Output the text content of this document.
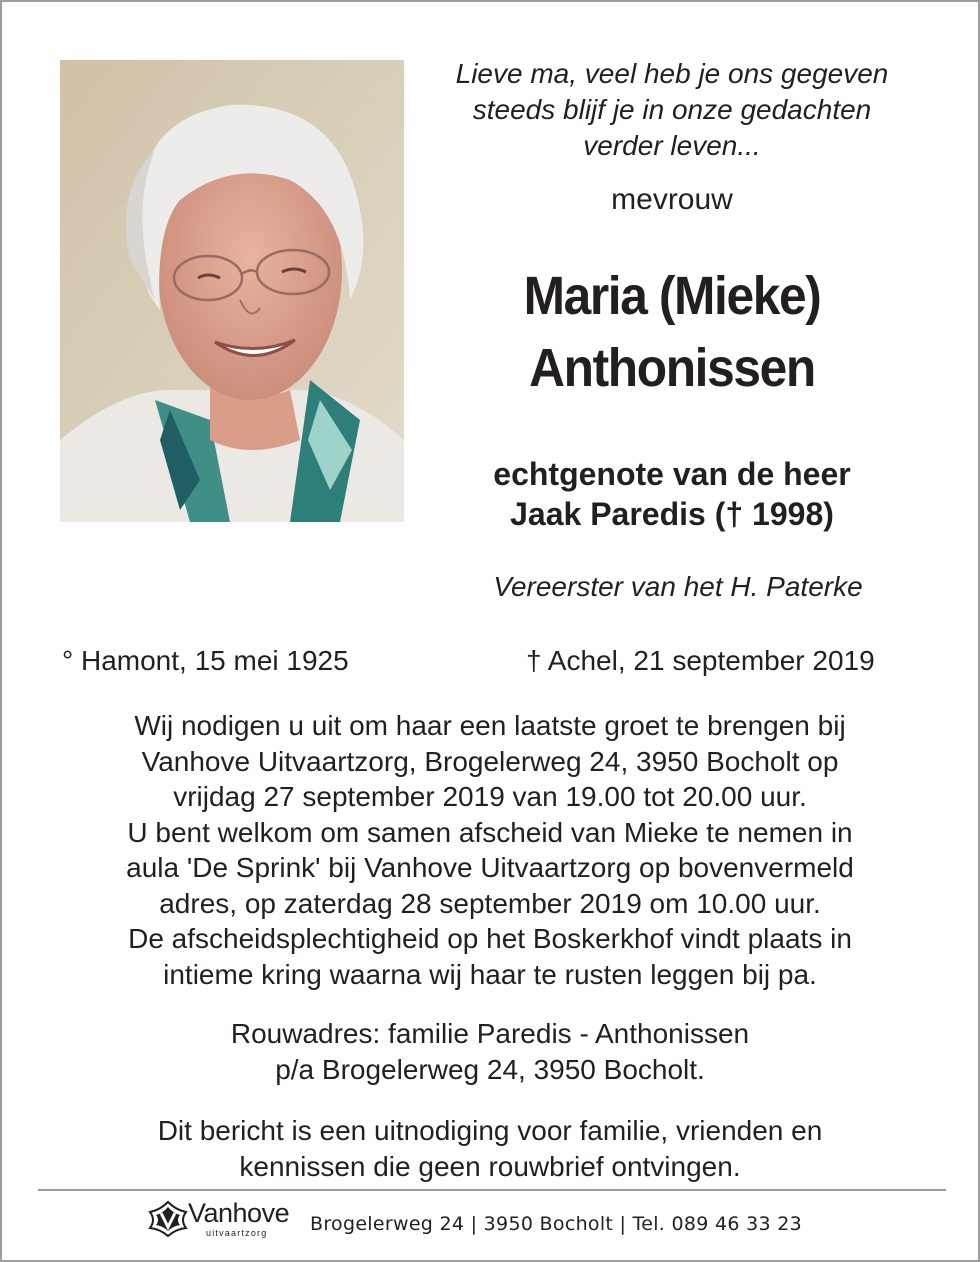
Lieve ma, veel heb je ons gegeven
steeds blijf je in onze gedachten
verder leven...
mevrouw
Maria (Mieke)
Anthonissen
echtgenote van de heer
Jaak Paredis († 1998)
Vereerster van het H. Paterke
° Hamont, 15 mei 1925	† Achel, 21 september 2019
Wij nodigen u uit om haar een laatste groet te brengen bij
Vanhove Uitvaartzorg, Brogelerweg 24, 3950 Bocholt op
vrijdag 27 september 2019 van 19.00 tot 20.00 uur.
U bent welkom om samen afscheid van Mieke te nemen in
aula 'De Sprink' bij Vanhove Uitvaartzorg op bovenvermeld
adres, op zaterdag 28 september 2019 om 10.00 uur.
De afscheidsplechtigheid op het Boskerkhof vindt plaats in
intieme kring waarna wij haar te rusten leggen bij pa.
Rouwadres: familie Paredis - Anthonissen
p/a Brogelerweg 24, 3950 Bocholt.
Dit bericht is een uitnodiging voor familie, vrienden en
kennissen die geen rouwbrief ontvingen.
Vanhove
uitvaartzorg Brogelerweg 24 | 3950 Bocholt | Tel. 089 46 33 23
